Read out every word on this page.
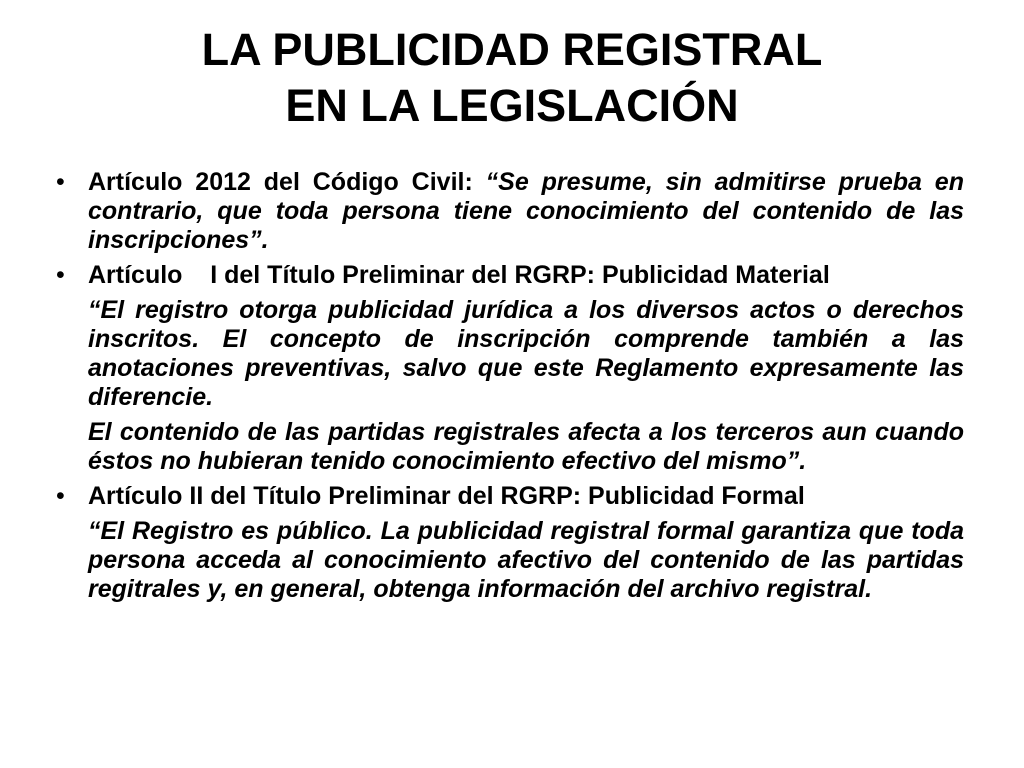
LA PUBLICIDAD REGISTRAL
EN LA LEGISLACIÓN

• Artículo 2012 del Código Civil: “Se presume, sin admitirse prueba en contrario, que toda persona tiene conocimiento del contenido de las inscripciones”.

• Artículo    I del Título Preliminar del RGRP: Publicidad Material

“El registro otorga publicidad jurídica a los diversos actos o derechos inscritos. El concepto de inscripción comprende también a las anotaciones preventivas, salvo que este Reglamento expresamente las diferencie.

El contenido de las partidas registrales afecta a los terceros aun cuando éstos no hubieran tenido conocimiento efectivo del mismo”.

• Artículo II del Título Preliminar del RGRP: Publicidad Formal

“El Registro es público. La publicidad registral formal garantiza que toda persona acceda al conocimiento afectivo del contenido de las partidas regitrales y, en general, obtenga información del archivo registral.
